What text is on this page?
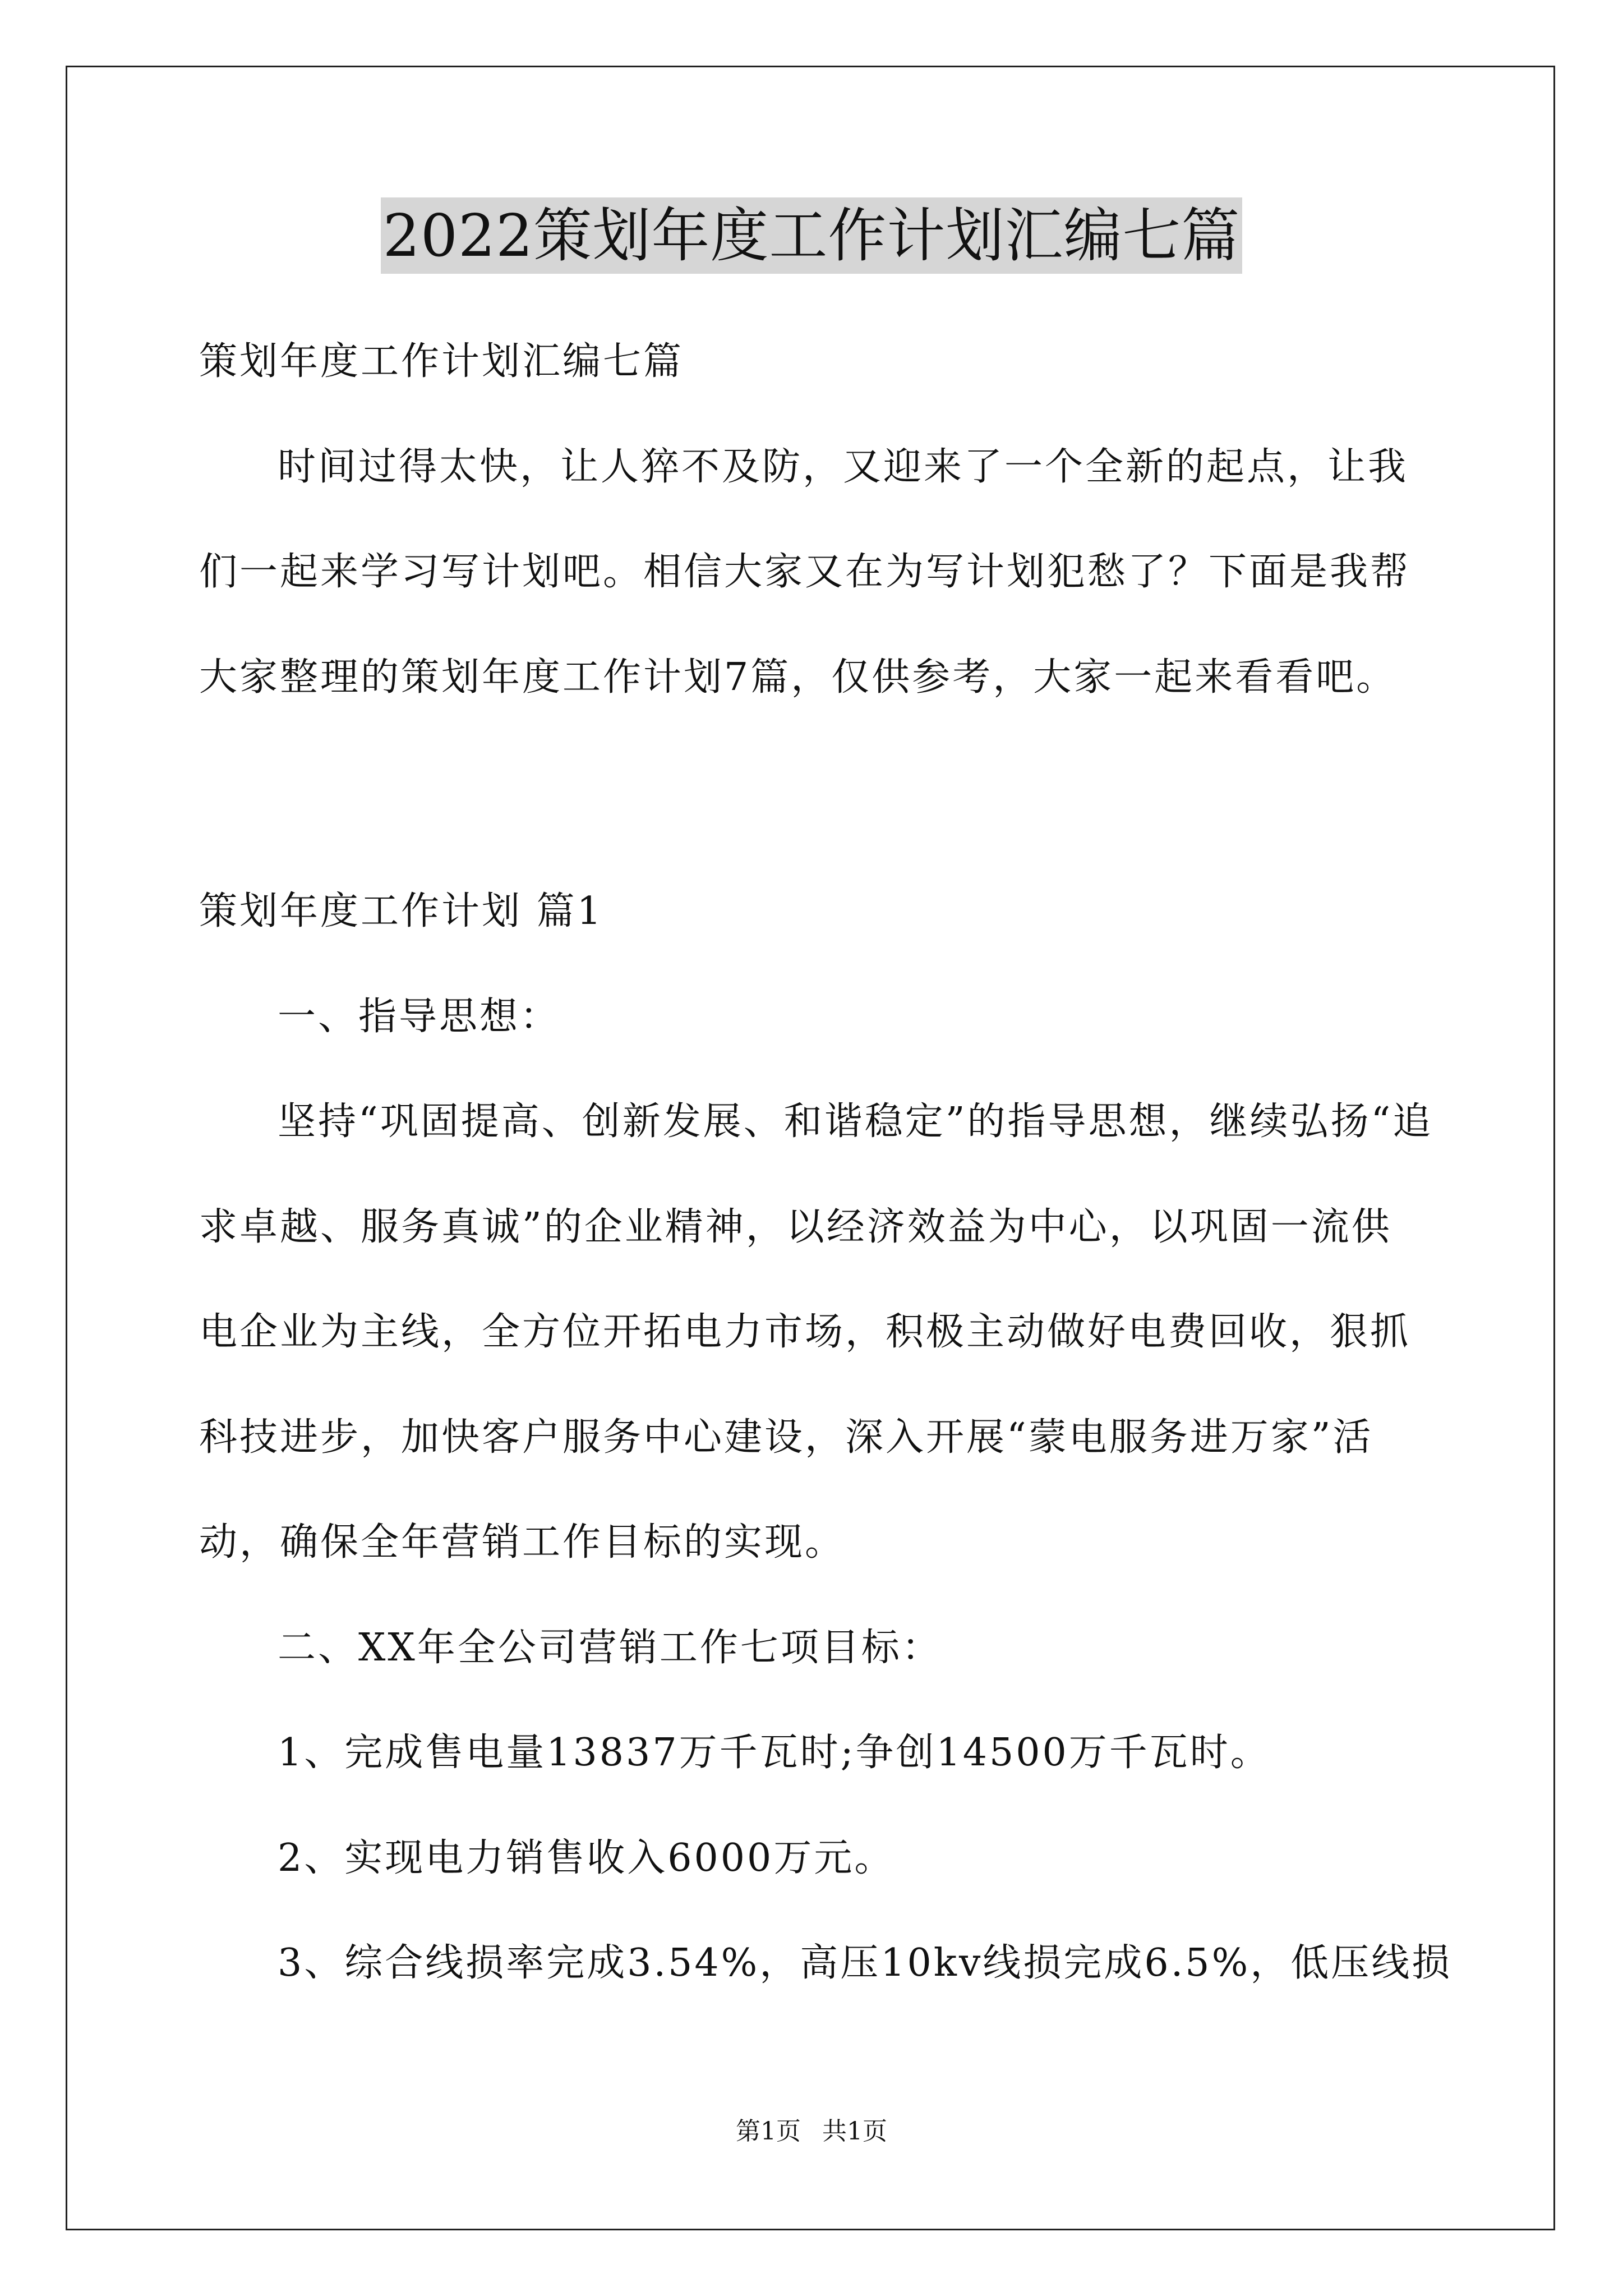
2022策划年度工作计划汇编七篇

策划年度工作计划汇编七篇

时间过得太快，让人猝不及防，又迎来了一个全新的起点，让我

们一起来学习写计划吧。相信大家又在为写计划犯愁了？下面是我帮

大家整理的策划年度工作计划7篇，仅供参考，大家一起来看看吧。

策划年度工作计划 篇1

一、指导思想：

坚持“巩固提高、创新发展、和谐稳定”的指导思想，继续弘扬“追

求卓越、服务真诚”的企业精神，以经济效益为中心，以巩固一流供

电企业为主线，全方位开拓电力市场，积极主动做好电费回收，狠抓

科技进步，加快客户服务中心建设，深入开展“蒙电服务进万家”活

动，确保全年营销工作目标的实现。

二、XX年全公司营销工作七项目标：

1、完成售电量13837万千瓦时;争创14500万千瓦时。

2、实现电力销售收入6000万元。

3、综合线损率完成3.54%，高压10kv线损完成6.5%，低压线损

第1页 共1页
